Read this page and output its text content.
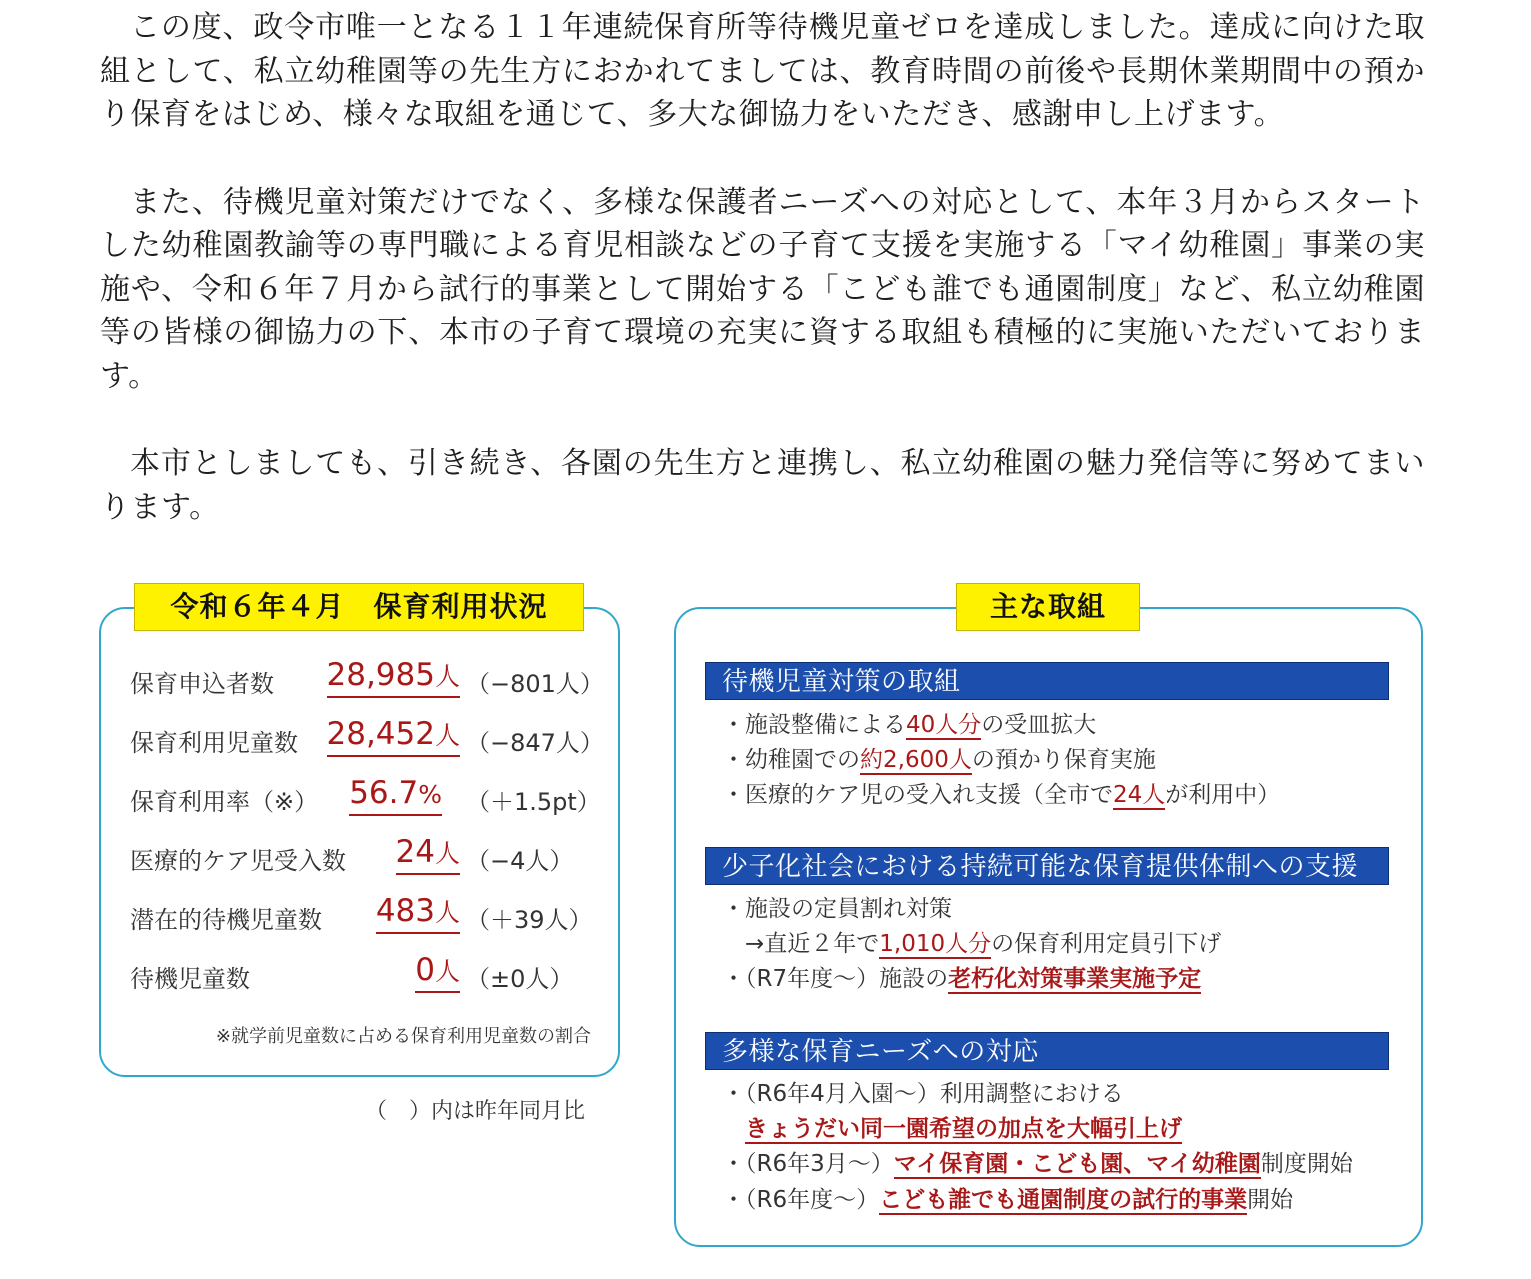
この度、政令市唯一となる１１年連続保育所等待機児童ゼロを達成しました。達成に向けた取組として、私立幼稚園等の先生方におかれてましては、教育時間の前後や長期休業期間中の預かり保育をはじめ、様々な取組を通じて、多大な御協力をいただき、感謝申し上げます。

また、待機児童対策だけでなく、多様な保護者ニーズへの対応として、本年３月からスタートした幼稚園教諭等の専門職による育児相談などの子育て支援を実施する「マイ幼稚園」事業の実施や、令和６年７月から試行的事業として開始する「こども誰でも通園制度」など、私立幼稚園等の皆様の御協力の下、本市の子育て環境の充実に資する取組も積極的に実施いただいております。

本市としましても、引き続き、各園の先生方と連携し、私立幼稚園の魅力発信等に努めてまいります。

令和６年４月　保育利用状況
保育申込者数 28,985人 （−801人）
保育利用児童数 28,452人 （−847人）
保育利用率（※） 56.7% （＋1.5pt）
医療的ケア児受入数 24人 （−4人）
潜在的待機児童数 483人 （＋39人）
待機児童数	0人 （±0人）
※就学前児童数に占める保育利用児童数の割合
（　）内は昨年同月比
主な取組
待機児童対策の取組
・施設整備による40人分の受皿拡大
・幼稚園での約2,600人の預かり保育実施
・医療的ケア児の受入れ支援（全市で24人が利用中）
少子化社会における持続可能な保育提供体制への支援
・施設の定員割れ対策
　→直近２年で1,010人分の保育利用定員引下げ
・（R7年度〜）施設の老朽化対策事業実施予定
多様な保育ニーズへの対応
・（R6年4月入園〜）利用調整における
　きょうだい同一園希望の加点を大幅引上げ
・（R6年3月〜）マイ保育園・こども園、マイ幼稚園制度開始
・（R6年度〜）こども誰でも通園制度の試行的事業開始
